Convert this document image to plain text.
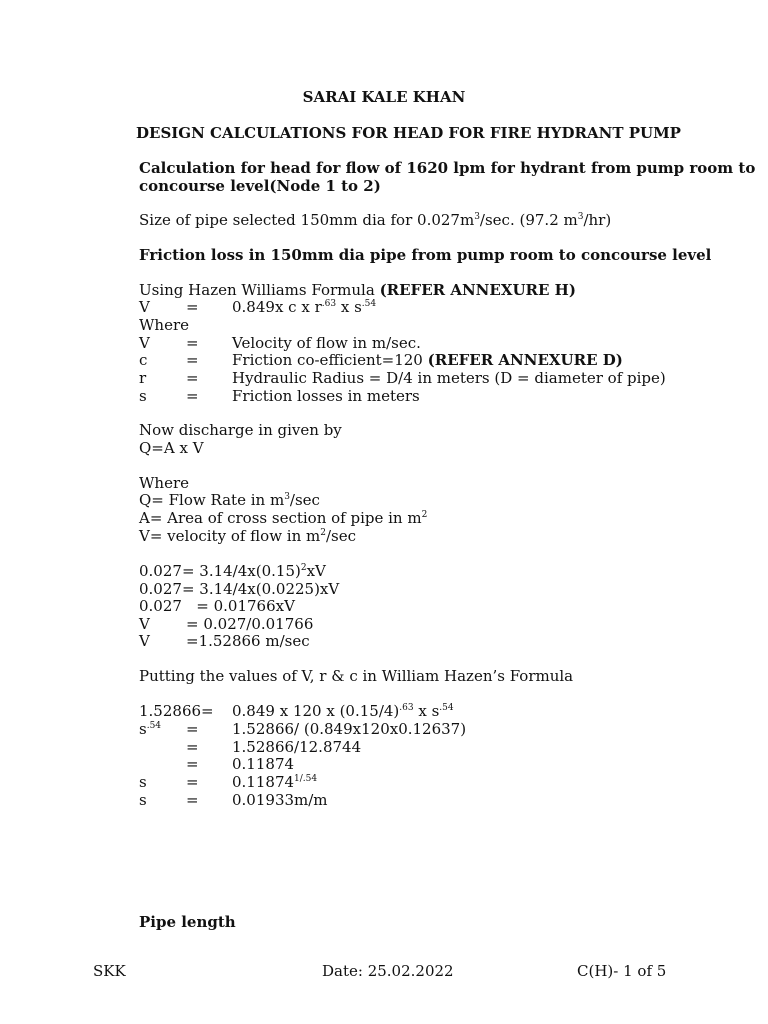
SARAI KALE KHAN
DESIGN CALCULATIONS FOR HEAD FOR FIRE HYDRANT PUMP
Calculation for head for flow of 1620 lpm for hydrant from pump room to
concourse level(Node 1 to 2)
Size of pipe selected 150mm dia for $0.027m^3/\sec$. (97.2 $m^3/hr$)
Friction loss in 150mm dia pipe from pump room to concourse level
Using Hazen Williams Formula (REFER ANNEXURE H)
V = 0.849x c x $r^{.63}$ x $s^{.54}$
Where
V = Velocity of flow in m/sec.
c	= Friction co-efficient=120 (REFER ANNEXURE D)
r	= Hydraulic Radius = D/4 in meters (D = diameter of pipe)
s	= Friction losses in meters
Now discharge in given by
Q=A x V
Where
Q= Flow Rate in $m^3/\sec$
A= Area of cross section of pipe in $m^2$
V= velocity of flow in $m^2/\sec$
$0.027= 3.14/4x(0.15)^2xV$
0.027= 3.14/4x(0.0225)xV
0.027   = 0.01766xV
V = 0.027/0.01766
V =1.52866 m/sec
Putting the values of V, r & c in William Hazen’s Formula
1.52866= 0.849 x 120 x $(0.15/4)^{.63}$ x $s^{.54}$
$s^{.54} = 1.52866/$ (0.849x120x0.12637)
= 1.52866/12.8744
= 0.11874
s	= $0.11874^{1/.54}$
s	= 0.01933m/m
Pipe length
SKK	Date: 25.02.2022	C(H)- 1 of 5
